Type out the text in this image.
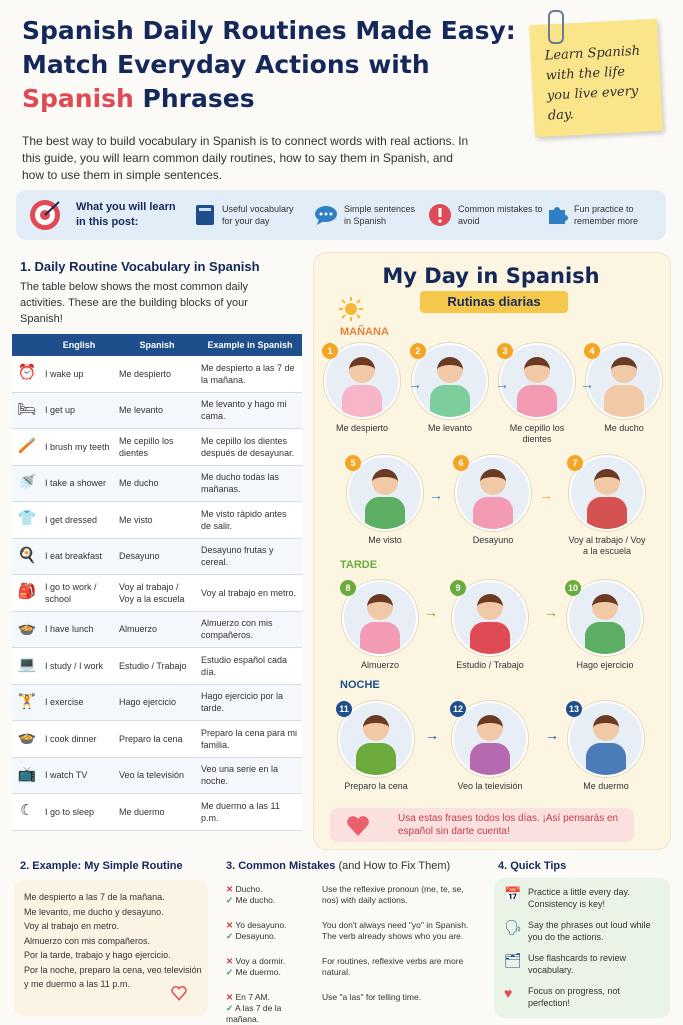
Spanish Daily Routines Made Easy:
Match Everyday Actions with
Spanish Phrases
Learn Spanish with the life you live every day.
The best way to build vocabulary in Spanish is to connect words with real actions. In this guide, you will learn common daily routines, how to say them in Spanish, and how to use them in simple sentences.
What you will learn in this post:
Useful vocabulary for your day
Simple sentences in Spanish
Common mistakes to avoid
Fun practice to remember more
1. Daily Routine Vocabulary in Spanish
The table below shows the most common daily activities. These are the building blocks of your Spanish!
	English	Spanish	Example in Spanish
⏰	I wake up	Me despierto	Me despierto a las 7 de la mañana.
🛏	I get up	Me levanto	Me levanto y hago mi cama.
🪥	I brush my teeth	Me cepillo los dientes	Me cepillo los dientes después de desayunar.
🚿	I take a shower	Me ducho	Me ducho todas las mañanas.
👕	I get dressed	Me visto	Me visto rápido antes de salir.
🍳	I eat breakfast	Desayuno	Desayuno frutas y cereal.
🎒	I go to work / school	Voy al trabajo / Voy a la escuela	Voy al trabajo en metro.
🍲	I have lunch	Almuerzo	Almuerzo con mis compañeros.
💻	I study / I work	Estudio / Trabajo	Estudio español cada día.
🏋	I exercise	Hago ejercicio	Hago ejercicio por la tarde.
🍲	I cook dinner	Preparo la cena	Preparo la cena para mi familia.
📺	I watch TV	Veo la televisión	Veo una serie en la noche.
☾	I go to sleep	Me duermo	Me duermo a las 11 p.m.
My Day in Spanish
Rutinas diarias
MAÑANA
TARDE
NOCHE
1
Me despierto
2
Me levanto
3
Me cepillo los dientes
4
Me ducho
5
Me visto
6
Desayuno
7
Voy al trabajo / Voy a la escuela
8
Almuerzo
9
Estudio / Trabajo
10
Hago ejercicio
11
Preparo la cena
12
Veo la televisión
13
Me duermo
→	→	→
→	→
→	→
→	→
Usa estas frases todos los días. ¡Así pensarás en español sin darte cuenta!
2. Example: My Simple Routine

Me despierto a las 7 de la mañana.

Me levanto, me ducho y desayuno.

Voy al trabajo en metro.

Almuerzo con mis compañeros.

Por la tarde, trabajo y hago ejercicio.

Por la noche, preparo la cena, veo televisión

y me duermo a las 11 p.m.

3. Common Mistakes (and How to Fix Them)
✕ Ducho.
✓ Me ducho.
Use the reflexive pronoun (me, te, se, nos) with daily actions.
✕ Yo desayuno.
✓ Desayuno.
You don't always need "yo" in Spanish. The verb already shows who you are.
✕ Voy a dormir.
✓ Me duermo.
For routines, reflexive verbs are more natural.
✕ En 7 AM.
✓ A las 7 de la mañana.
Use "a las" for telling time.
4. Quick Tips
📅 Practice a little every day. Consistency is key!
🗣 Say the phrases out loud while you do the actions.
🗂 Use flashcards to review vocabulary.
♥	Focus on progress, not perfection!
